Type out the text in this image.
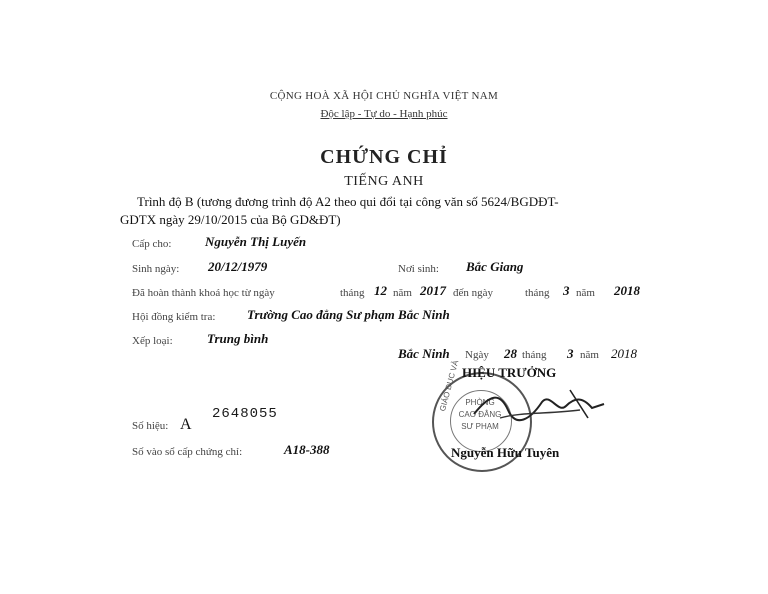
CỘNG HOÀ XÃ HỘI CHỦ NGHĨA VIỆT NAM
Độc lập - Tự do - Hạnh phúc
CHỨNG CHỈ
TIẾNG ANH
Trình độ B (tương đương trình độ A2 theo qui đổi tại công văn số 5624/BGDĐT-
GDTX ngày 29/10/2015 của Bộ GD&ĐT)
Cấp cho:	Nguyễn Thị Luyến
Sinh ngày: 20/12/1979	Nơi sinh: Bắc Giang
Đã hoàn thành khoá học từ ngày	tháng 12 năm 2017 đến ngày	tháng 3 năm 2018
Hội đồng kiểm tra: Trường Cao đẳng Sư phạm Bắc Ninh
Xếp loại:	Trung bình
Bắc Ninh Ngày 28 tháng 3 năm 2018
GIÁO DỤC VÀ PHÒNG
CAO ĐẲNG
SƯ PHẠM
HIỆU TRƯỞNG
Nguyễn Hữu Tuyên
Số hiệu: A
2648055
Số vào sổ cấp chứng chỉ:	A18-388
